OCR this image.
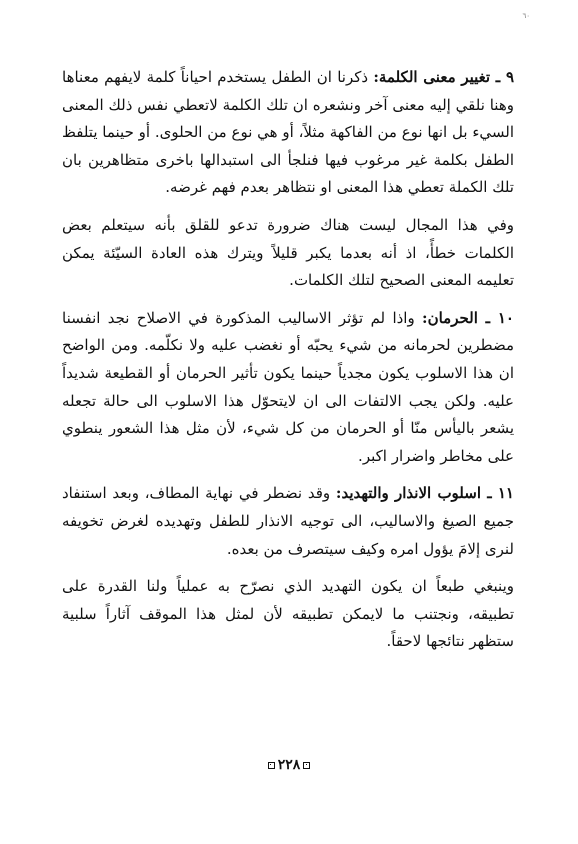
٦٠

٩ ـ تغيير معنى الكلمة: ذكرنا ان الطفل يستخدم احياناً كلمة لايفهم معناها وهنا نلقي إليه معنى آخر ونشعره ان تلك الكلمة لاتعطي نفس ذلك المعنى السيء بل انها نوع من الفاكهة مثلاً، أو هي نوع من الحلوى. أو حينما يتلفظ الطفل بكلمة غير مرغوب فيها فنلجأ الى استبدالها باخرى متظاهرين بان تلك الكملة تعطي هذا المعنى او نتظاهر بعدم فهم غرضه.

وفي هذا المجال ليست هناك ضرورة تدعو للقلق بأنه سيتعلم بعض الكلمات خطأً، اذ أنه بعدما يكبر قليلاً ويترك هذه العادة السيّئة يمكن تعليمه المعنى الصحيح لتلك الكلمات.

١٠ ـ الحرمان: واذا لم تؤثر الاساليب المذكورة في الاصلاح نجد انفسنا مضطرين لحرمانه من شيء يحبّه أو نغضب عليه ولا نكلّمه. ومن الواضح ان هذا الاسلوب يكون مجدياً حينما يكون تأثير الحرمان أو القطيعة شديداً عليه. ولكن يجب الالتفات الى ان لايتحوّل هذا الاسلوب الى حالة تجعله يشعر باليأس منّا أو الحرمان من كل شيء، لأن مثل هذا الشعور ينطوي على مخاطر واضرار اكبر.

١١ ـ اسلوب الانذار والتهديد: وقد نضطر في نهاية المطاف، وبعد استنفاد جميع الصيغ والاساليب، الى توجيه الانذار للطفل وتهديده لغرض تخويفه لنرى إلامَ يؤول امره وكيف سيتصرف من بعده.

وينبغي طبعاً ان يكون التهديد الذي نصرّح به عملياً ولنا القدرة على تطبيقه، ونجتنب ما لايمكن تطبيقه لأن لمثل هذا الموقف آثاراً سلبية ستظهر نتائجها لاحقاً.

٢٢٨
